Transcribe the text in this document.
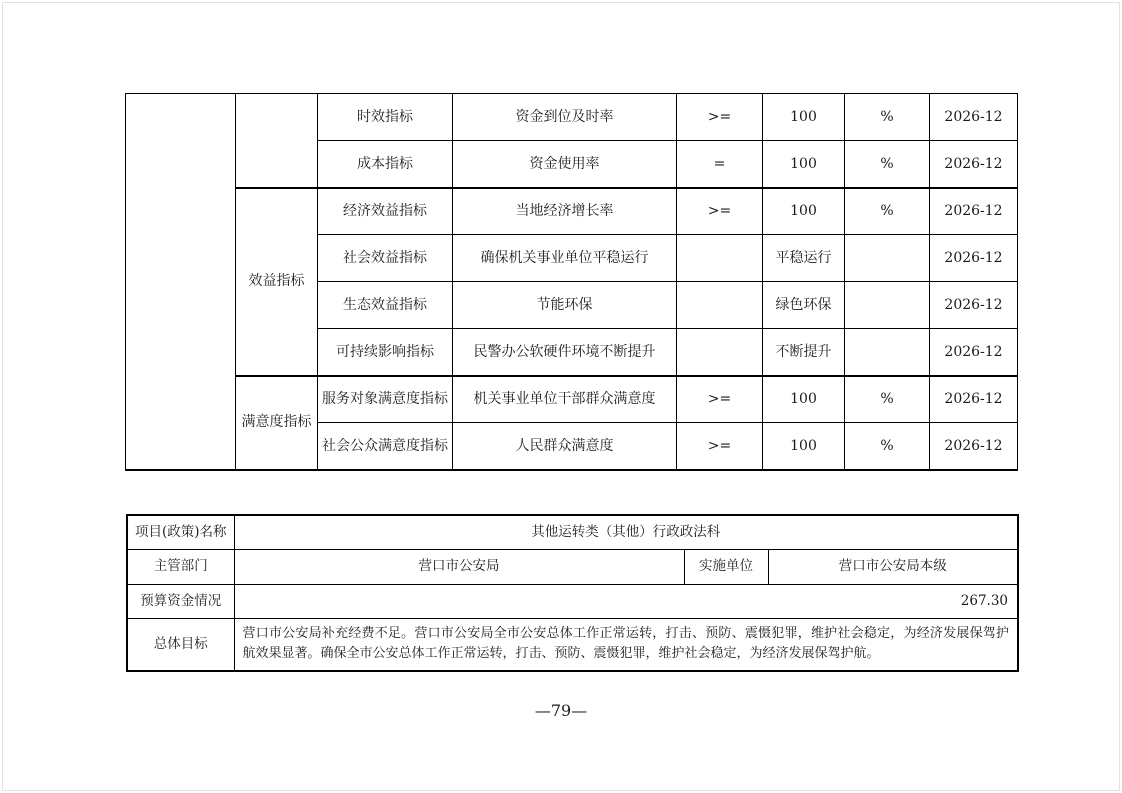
		时效指标	资金到位及时率	>=	100	%	2026-12
		成本指标	资金使用率	=	100	%	2026-12
	效益指标	经济效益指标	当地经济增长率	>=	100	%	2026-12
		社会效益指标	确保机关事业单位平稳运行		平稳运行		2026-12
		生态效益指标	节能环保		绿色环保		2026-12
		可持续影响指标	民警办公软硬件环境不断提升		不断提升		2026-12
	满意度指标	服务对象满意度指标	机关事业单位干部群众满意度	>=	100	%	2026-12
		社会公众满意度指标	人民群众满意度	>=	100	%	2026-12
项目(政策)名称	其他运转类（其他）行政政法科		
主管部门	营口市公安局	实施单位	营口市公安局本级
预算资金情况	267.30		
总体目标	营口市公安局补充经费不足。营口市公安局全市公安总体工作正常运转，打击、预防、震慑犯罪，维护社会稳定，为经济发展保驾护航效果显著。确保全市公安总体工作正常运转，打击、预防、震慑犯罪，维护社会稳定，为经济发展保驾护航。		
—79—
